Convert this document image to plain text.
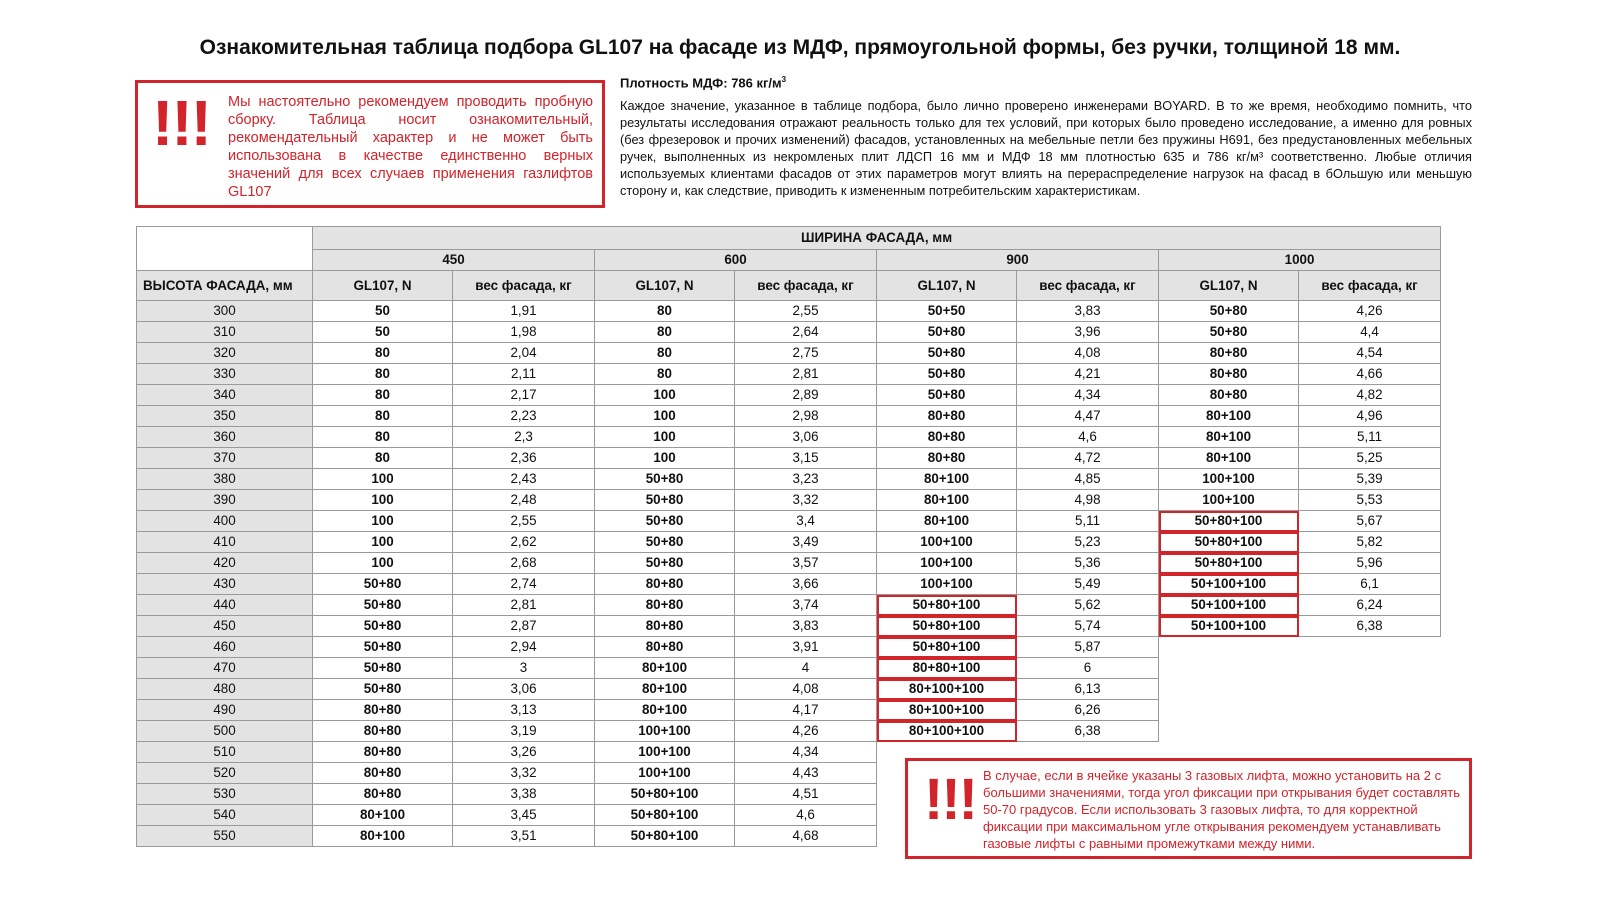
Ознакомительная таблица подбора GL107 на фасаде из МДФ, прямоугольной формы, без ручки, толщиной 18 мм.
!!! Мы настоятельно рекомендуем проводить пробную сборку. Таблица носит ознакомительный, рекомендательный характер и не может быть использована в качестве единственно верных значений для всех случаев применения газлифтов GL107
Плотность МДФ: 786 $кг/м^3$
Каждое значение, указанное в таблице подбора, было лично проверено инженерами BOYARD. В то же время, необходимо помнить, что результаты исследования отражают реальность только для тех условий, при которых было проведено исследование, а именно для ровных (без фрезеровок и прочих изменений) фасадов, установленных на мебельные петли без пружины H691, без предустановленных мебельных ручек, выполненных из некромленых плит ЛДСП 16 мм и МДФ 18 мм плотностью 635 и 786 кг/м³ соответственно. Любые отличия используемых клиентами фасадов от этих параметров могут влиять на перераспределение нагрузок на фасад в бОльшую или меньшую сторону и, как следствие, приводить к измененным потребительским характеристикам.
	ШИРИНА ФАСАДА, мм							
	450		600		900		1000	
ВЫСОТА ФАСАДА, мм	GL107, N	вес фасада, кг	GL107, N	вес фасада, кг	GL107, N	вес фасада, кг	GL107, N	вес фасада, кг
300	50	1,91	80	2,55	50+50	3,83	50+80	4,26
310	50	1,98	80	2,64	50+80	3,96	50+80	4,4
320	80	2,04	80	2,75	50+80	4,08	80+80	4,54
330	80	2,11	80	2,81	50+80	4,21	80+80	4,66
340	80	2,17	100	2,89	50+80	4,34	80+80	4,82
350	80	2,23	100	2,98	80+80	4,47	80+100	4,96
360	80	2,3	100	3,06	80+80	4,6	80+100	5,11
370	80	2,36	100	3,15	80+80	4,72	80+100	5,25
380	100	2,43	50+80	3,23	80+100	4,85	100+100	5,39
390	100	2,48	50+80	3,32	80+100	4,98	100+100	5,53
400	100	2,55	50+80	3,4	80+100	5,11	50+80+100	5,67
410	100	2,62	50+80	3,49	100+100	5,23	50+80+100	5,82
420	100	2,68	50+80	3,57	100+100	5,36	50+80+100	5,96
430	50+80	2,74	80+80	3,66	100+100	5,49	50+100+100	6,1
440	50+80	2,81	80+80	3,74	50+80+100	5,62	50+100+100	6,24
450	50+80	2,87	80+80	3,83	50+80+100	5,74	50+100+100	6,38
460	50+80	2,94	80+80	3,91	50+80+100	5,87		
470	50+80	3	80+100	4	80+80+100	6		
480	50+80	3,06	80+100	4,08	80+100+100	6,13		
490	80+80	3,13	80+100	4,17	80+100+100	6,26		
500	80+80	3,19	100+100	4,26	80+100+100	6,38		
510	80+80	3,26	100+100	4,34				
520	80+80	3,32	100+100	4,43				
530	80+80	3,38	50+80+100	4,51				
540	80+100	3,45	50+80+100	4,6				
550	80+100	3,51	50+80+100	4,68				
!!! В случае, если в ячейке указаны 3 газовых лифта, можно установить на 2 с большими значениями, тогда угол фиксации при открывания будет составлять 50-70 градусов. Если использовать 3 газовых лифта, то для корректной фиксации при максимальном угле открывания рекомендуем устанавливать газовые лифты с равными промежутками между ними.
